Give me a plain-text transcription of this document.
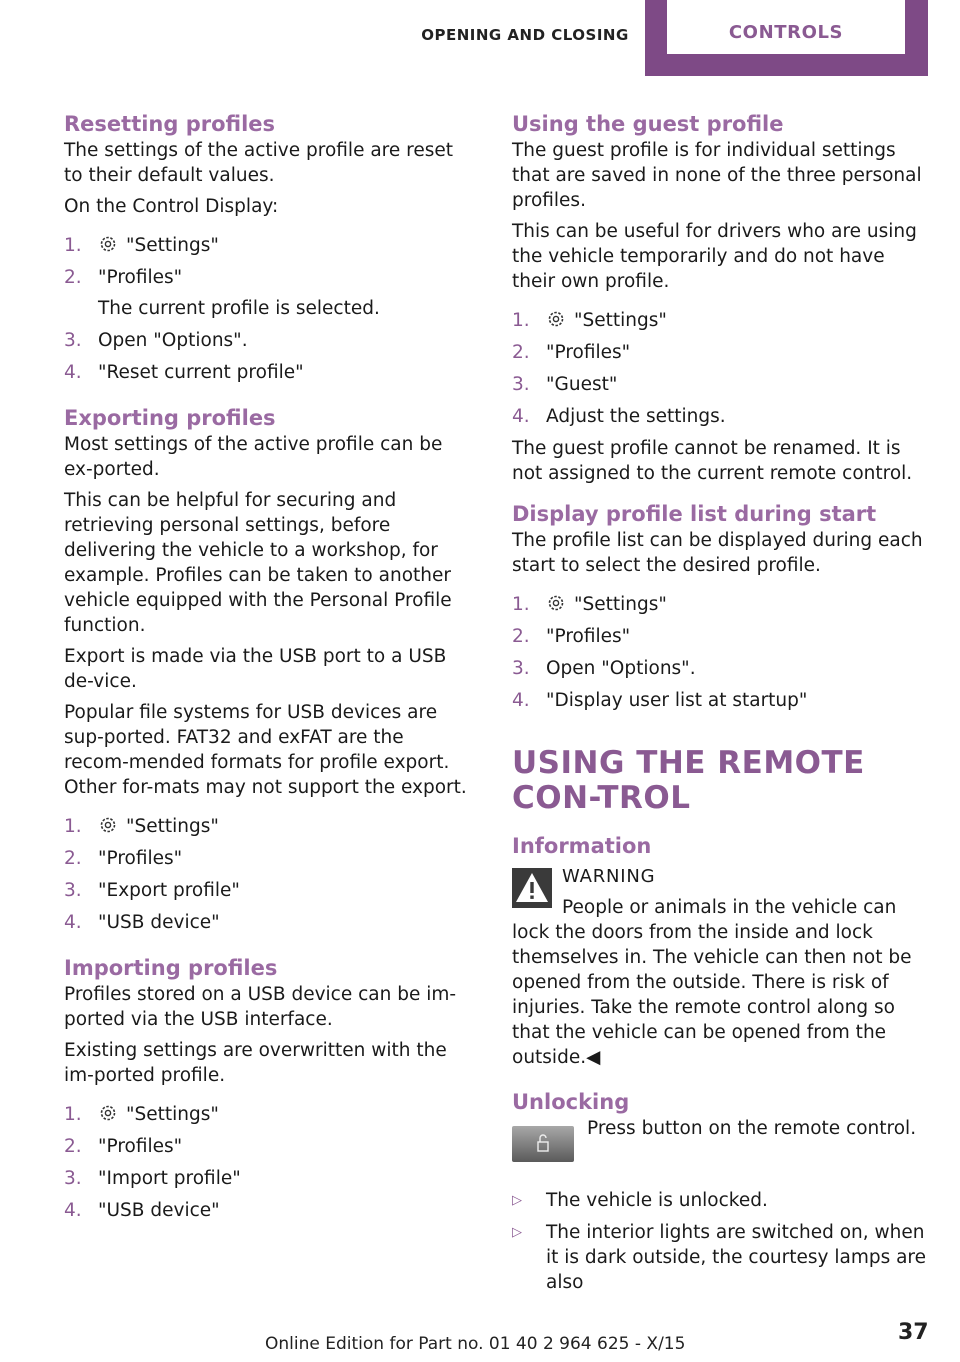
OPENING AND CLOSING	CONTROLS
Resetting profiles

The settings of the active profile are reset to their default values.

On the Control Display:

1. "Settings"
2. "Profiles"
The current profile is selected.
3. Open "Options".
4. "Reset current profile"
Exporting profiles

Most settings of the active profile can be ex-ported.

This can be helpful for securing and retrieving personal settings, before delivering the vehicle to a workshop, for example. Profiles can be taken to another vehicle equipped with the Personal Profile function.

Export is made via the USB port to a USB de-vice.

Popular file systems for USB devices are sup-ported. FAT32 and exFAT are the recom-mended formats for profile export. Other for-mats may not support the export.

1. "Settings"
2. "Profiles"
3. "Export profile"
4. "USB device"
Importing profiles

Profiles stored on a USB device can be im-ported via the USB interface.

Existing settings are overwritten with the im-ported profile.

1. "Settings"
2. "Profiles"
3. "Import profile"
4. "USB device"
Using the guest profile

The guest profile is for individual settings that are saved in none of the three personal profiles.

This can be useful for drivers who are using the vehicle temporarily and do not have their own profile.

1. "Settings"
2. "Profiles"
3. "Guest"
4. Adjust the settings.

The guest profile cannot be renamed. It is not assigned to the current remote control.

Display profile list during start

The profile list can be displayed during each start to select the desired profile.

1. "Settings"
2. "Profiles"
3. Open "Options".
4. "Display user list at startup"
USING THE REMOTE CON-TROL
Information
WARNING

People or animals in the vehicle can lock the doors from the inside and lock themselves in. The vehicle can then not be opened from the outside. There is risk of injuries. Take the remote control along so that the vehicle can be opened from the outside.◀

Unlocking

Press button on the remote control.

▷ The vehicle is unlocked.
▷ The interior lights are switched on, when it is dark outside, the courtesy lamps are also
Online Edition for Part no. 01 40 2 964 625 - X/15	37
